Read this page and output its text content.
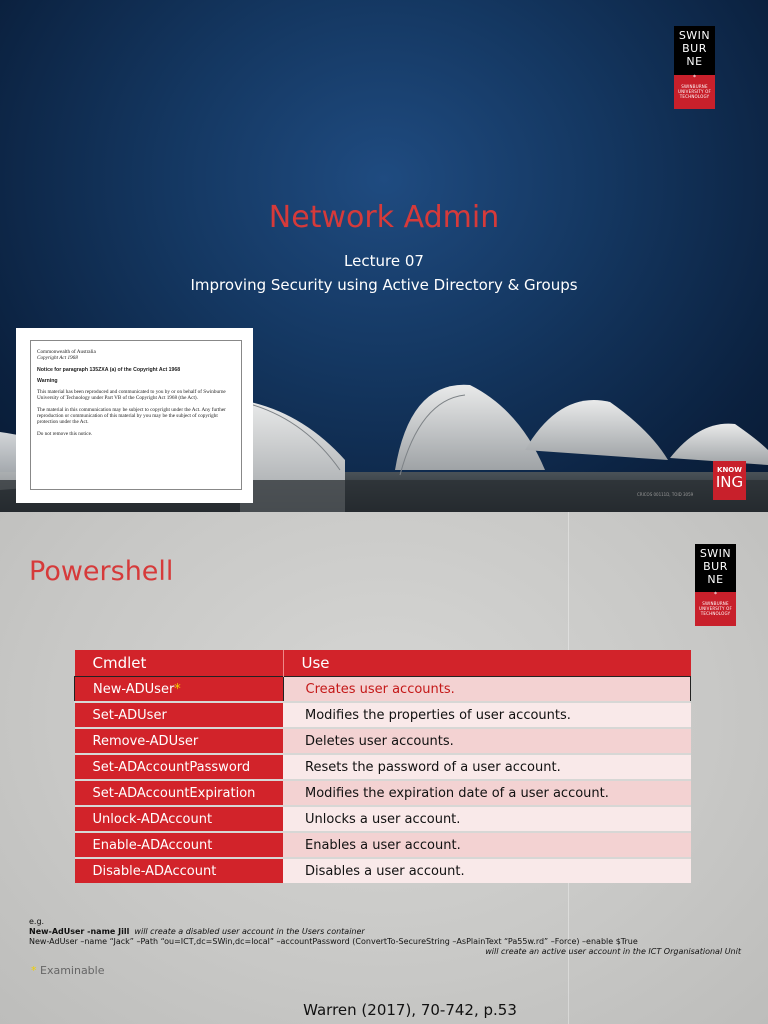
SWIN
BUR
NE
*
SWINBURNE
UNIVERSITY OF
TECHNOLOGY
Network Admin
Lecture 07
Improving Security using Active Directory & Groups

Commonwealth of Australia
Copyright Act 1968

Notice for paragraph 135ZXA (a) of the Copyright Act 1968

Warning

This material has been reproduced and communicated to you by or on behalf of Swinburne University of Technology under Part VB of the Copyright Act 1968 (the Act).

The material in this communication may be subject to copyright under the Act. Any further reproduction or communication of this material by you may be the subject of copyright protection under the Act.

Do not remove this notice.

KNOW
ING
CRICOS 00111D, TOID 3059
Powershell
SWIN
BUR
NE
*
SWINBURNE
UNIVERSITY OF
TECHNOLOGY
Cmdlet	Use
New-ADUser*	Creates user accounts.
Set-ADUser	Modifies the properties of user accounts.
Remove-ADUser	Deletes user accounts.
Set-ADAccountPassword	Resets the password of a user account.
Set-ADAccountExpiration	Modifies the expiration date of a user account.
Unlock-ADAccount	Unlocks a user account.
Enable-ADAccount	Enables a user account.
Disable-ADAccount	Disables a user account.
e.g.
New-AdUser -name Jill will create a disabled user account in the Users container
New-AdUser –name “Jack” –Path “ou=ICT,dc=SWin,dc=local” –accountPassword (ConvertTo-SecureString –AsPlainText “Pa55w.rd” –Force) –enable $True
will create an active user account in the ICT Organisational Unit
* Examinable
Warren (2017), 70-742, p.53
